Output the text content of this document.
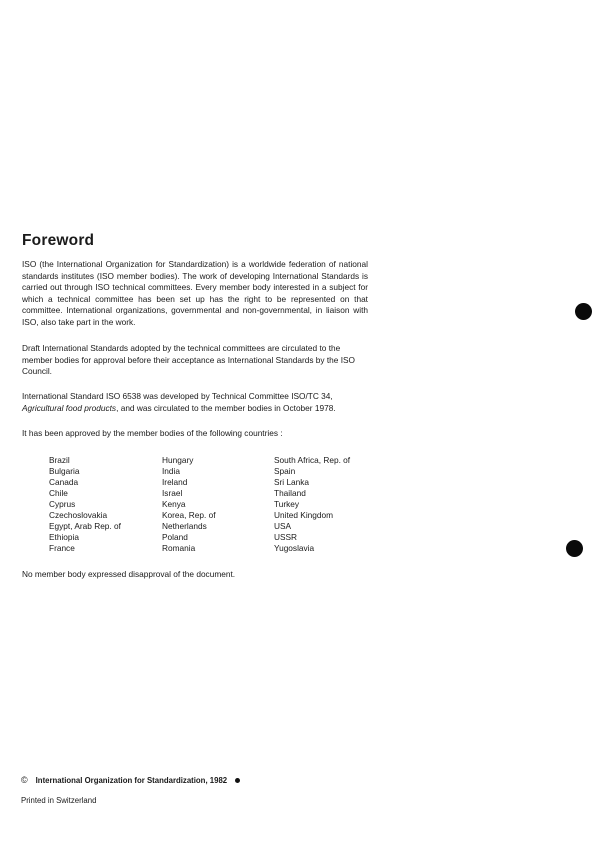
Foreword

ISO (the International Organization for Standardization) is a worldwide federation of national standards institutes (ISO member bodies). The work of developing International Standards is carried out through ISO technical committees. Every member body interested in a subject for which a technical committee has been set up has the right to be represented on that committee. International organizations, governmental and non-governmental, in liaison with ISO, also take part in the work.

Draft International Standards adopted by the technical committees are circulated to the member bodies for approval before their acceptance as International Standards by the ISO Council.

International Standard ISO 6538 was developed by Technical Committee ISO/TC 34, Agricultural food products, and was circulated to the member bodies in October 1978.

It has been approved by the member bodies of the following countries :

Brazil
Bulgaria
Canada
Chile
Cyprus
Czechoslovakia
Egypt, Arab Rep. of
Ethiopia
France
Hungary
India
Ireland
Israel
Kenya
Korea, Rep. of
Netherlands
Poland
Romania
South Africa, Rep. of
Spain
Sri Lanka
Thailand
Turkey
United Kingdom
USA
USSR
Yugoslavia

No member body expressed disapproval of the document.

© International Organization for Standardization, 1982
Printed in Switzerland
